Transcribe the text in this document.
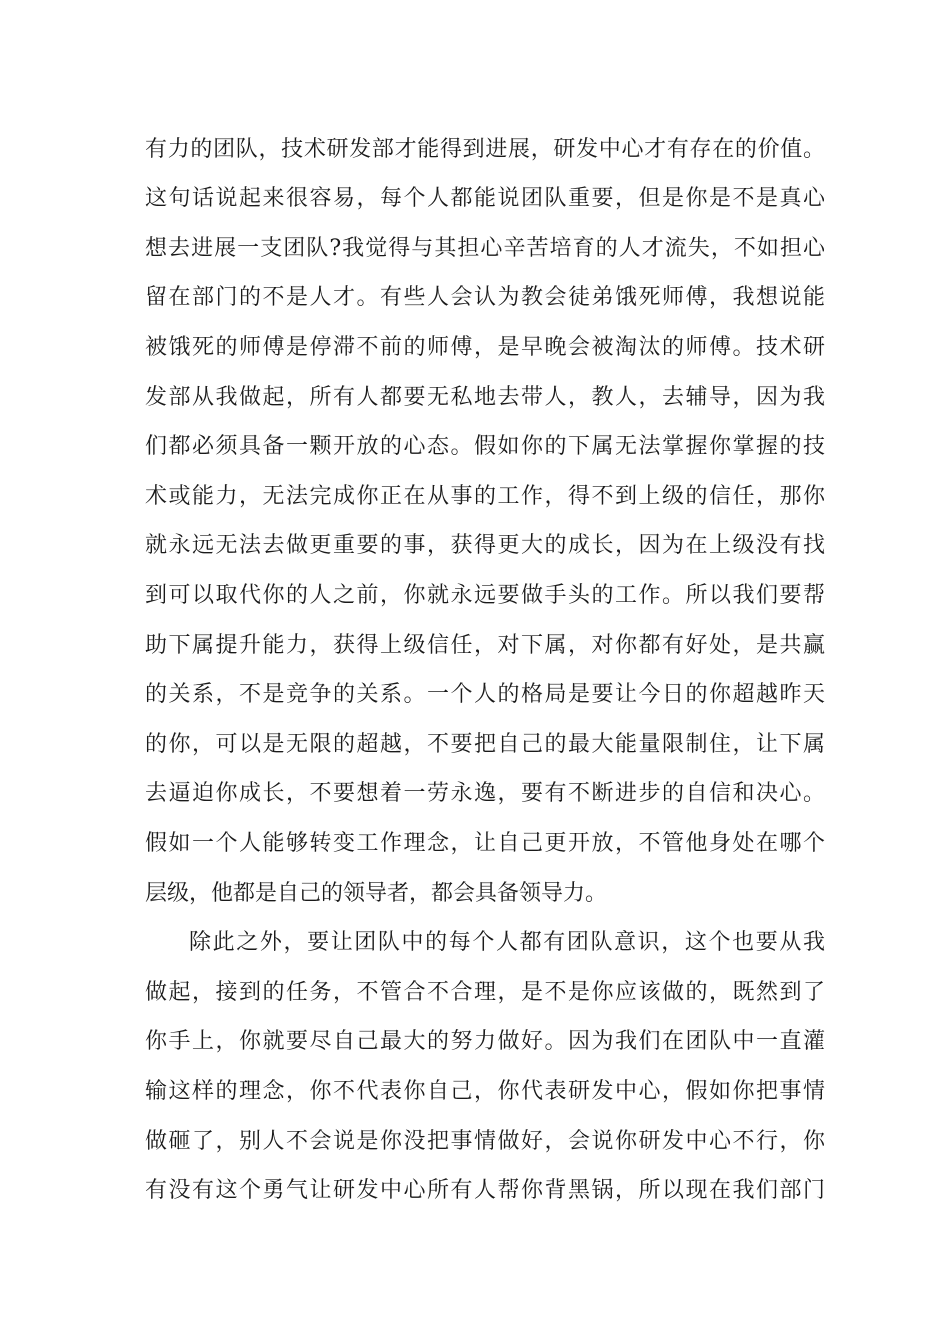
有力的团队，技术研发部才能得到进展，研发中心才有存在的价值。
这句话说起来很容易，每个人都能说团队重要，但是你是不是真心
想去进展一支团队?我觉得与其担心辛苦培育的人才流失，不如担心
留在部门的不是人才。有些人会认为教会徒弟饿死师傅，我想说能
被饿死的师傅是停滞不前的师傅，是早晚会被淘汰的师傅。技术研
发部从我做起，所有人都要无私地去带人，教人，去辅导，因为我
们都必须具备一颗开放的心态。假如你的下属无法掌握你掌握的技
术或能力，无法完成你正在从事的工作，得不到上级的信任，那你
就永远无法去做更重要的事，获得更大的成长，因为在上级没有找
到可以取代你的人之前，你就永远要做手头的工作。所以我们要帮
助下属提升能力，获得上级信任，对下属，对你都有好处，是共赢
的关系，不是竞争的关系。一个人的格局是要让今日的你超越昨天
的你，可以是无限的超越，不要把自己的最大能量限制住，让下属
去逼迫你成长，不要想着一劳永逸，要有不断进步的自信和决心。
假如一个人能够转变工作理念，让自己更开放，不管他身处在哪个
层级，他都是自己的领导者，都会具备领导力。
除此之外，要让团队中的每个人都有团队意识，这个也要从我
做起，接到的任务，不管合不合理，是不是你应该做的，既然到了
你手上，你就要尽自己最大的努力做好。因为我们在团队中一直灌
输这样的理念，你不代表你自己，你代表研发中心，假如你把事情
做砸了，别人不会说是你没把事情做好，会说你研发中心不行，你
有没有这个勇气让研发中心所有人帮你背黑锅，所以现在我们部门
